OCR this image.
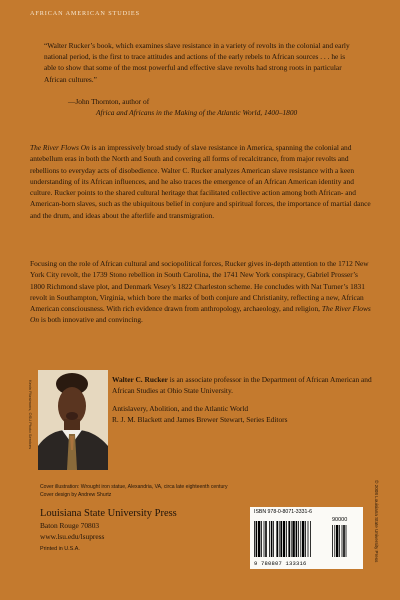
AFRICAN AMERICAN STUDIES

“Walter Rucker’s book, which examines slave resistance in a variety of revolts in the colonial and early national period, is the first to trace attitudes and actions of the early rebels to African sources . . . he is able to show that some of the most powerful and effective slave revolts had strong roots in particular African cultures.”

—John Thornton, author of
Africa and Africans in the Making of the Atlantic World, 1400–1800

The River Flows On is an impressively broad study of slave resistance in America, spanning the colonial and antebellum eras in both the North and South and covering all forms of recalcitrance, from major revolts and rebellions to everyday acts of disobedience. Walter C. Rucker analyzes American slave resistance with a keen understanding of its African influences, and he also traces the emergence of an African American identity and culture. Rucker points to the shared cultural heritage that facilitated collective action among both African- and American-born slaves, such as the ubiquitous belief in conjure and spiritual forces, the importance of martial dance and the drum, and ideas about the afterlife and transmigration.

Focusing on the role of African cultural and sociopolitical forces, Rucker gives in-depth attention to the 1712 New York City revolt, the 1739 Stono rebellion in South Carolina, the 1741 New York conspiracy, Gabriel Prosser’s 1800 Richmond slave plot, and Denmark Vesey’s 1822 Charleston scheme. He concludes with Nat Turner’s 1831 revolt in Southampton, Virginia, which bore the marks of both conjure and Christianity, reflecting a new, African American consciousness. With rich evidence drawn from anthropology, archaeology, and religion, The River Flows On is both innovative and convincing.

Kevin Fitzsimons, OSU Photo Services

Walter C. Rucker is an associate professor in the Department of African American and African Studies at Ohio State University.

Antislavery, Abolition, and the Atlantic World
R. J. M. Blackett and James Brewer Stewart, Series Editors
Cover illustration: Wrought iron statue, Alexandria, VA, circa late eighteenth century
Cover design by Andrew Shurtz
Louisiana State University Press
Baton Rouge 70803
www.lsu.edu/lsupress
Printed in U.S.A.
ISBN 978-0-8071-3331-6
90000
9 780807 133316
© 2008 Louisiana State University Press
